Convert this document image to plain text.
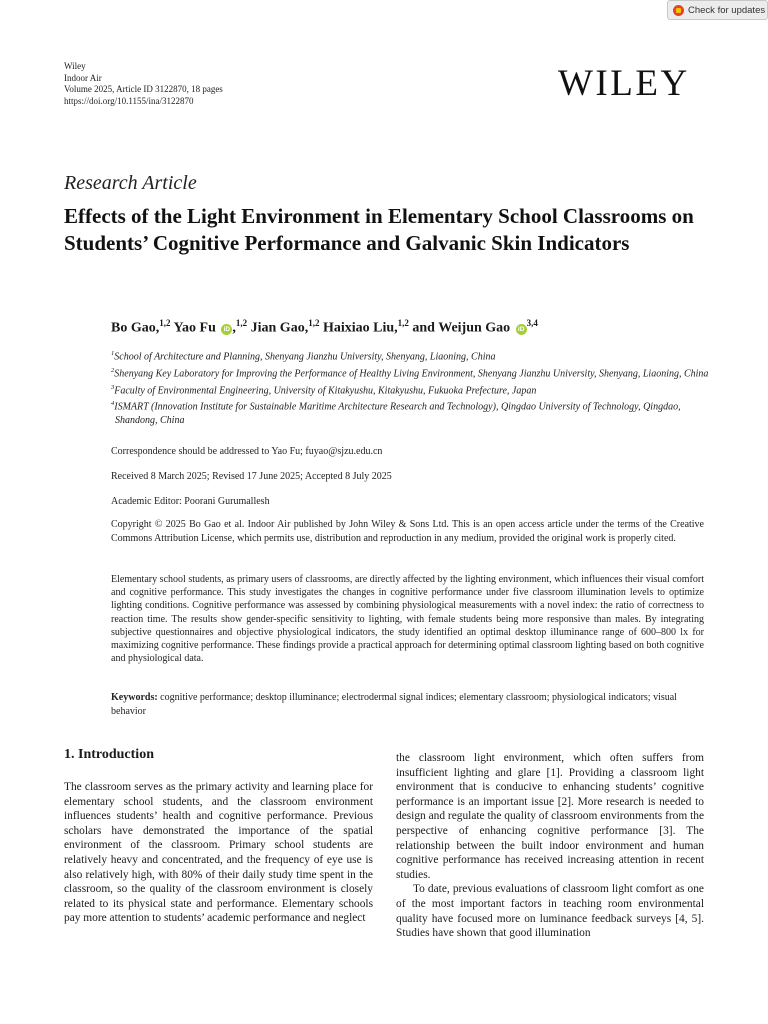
Check for updates
Wiley
Indoor Air
Volume 2025, Article ID 3122870, 18 pages
https://doi.org/10.1155/ina/3122870	WILEY
Research Article
Effects of the Light Environment in Elementary School Classrooms on Students’ Cognitive Performance and Galvanic Skin Indicators
Bo Gao,$^{1,2}$ Yao Fu iD ,$^{1,2}$ Jian Gao,$^{1,2}$ Haixiao Liu,$^{1,2}$ and Weijun Gao iD$^{3,4}$
$^1$School of Architecture and Planning, Shenyang Jianzhu University, Shenyang, Liaoning, China
$^2$Shenyang Key Laboratory for Improving the Performance of Healthy Living Environment, Shenyang Jianzhu University, Shenyang, Liaoning, China
$^3$Faculty of Environmental Engineering, University of Kitakyushu, Kitakyushu, Fukuoka Prefecture, Japan
$^4$ISMART (Innovation Institute for Sustainable Maritime Architecture Research and Technology), Qingdao University of Technology, Qingdao, Shandong, China
Correspondence should be addressed to Yao Fu; fuyao@sjzu.edu.cn
Received 8 March 2025; Revised 17 June 2025; Accepted 8 July 2025
Academic Editor: Poorani Gurumallesh
Copyright © 2025 Bo Gao et al. Indoor Air published by John Wiley & Sons Ltd. This is an open access article under the terms of the Creative Commons Attribution License, which permits use, distribution and reproduction in any medium, provided the original work is properly cited.
Elementary school students, as primary users of classrooms, are directly affected by the lighting environment, which influences their visual comfort and cognitive performance. This study investigates the changes in cognitive performance under five classroom illumination levels to optimize lighting conditions. Cognitive performance was assessed by combining physiological measurements with a novel index: the ratio of correctness to reaction time. The results show gender-specific sensitivity to lighting, with female students being more responsive than males. By integrating subjective questionnaires and objective physiological indicators, the study identified an optimal desktop illuminance range of 600–800 lx for maximizing cognitive performance. These findings provide a practical approach for determining optimal classroom lighting based on both cognitive and physiological data.
Keywords: cognitive performance; desktop illuminance; electrodermal signal indices; elementary classroom; physiological indicators; visual behavior
1. Introduction

The classroom serves as the primary activity and learning place for elementary school students, and the classroom environment influences students’ health and cognitive performance. Previous scholars have demonstrated the importance of the spatial environment of the classroom. Primary school students are relatively heavy and concentrated, and the frequency of eye use is also relatively high, with 80% of their daily study time spent in the classroom, so the quality of the classroom environment is closely related to its physical state and performance. Elementary schools pay more attention to students’ academic performance and neglect

the classroom light environment, which often suffers from insufficient lighting and glare [1]. Providing a classroom light environment that is conducive to enhancing students’ cognitive performance is an important issue [2]. More research is needed to design and regulate the quality of classroom environments from the perspective of enhancing cognitive performance [3]. The relationship between the built indoor environment and human cognitive performance has received increasing attention in recent studies.

To date, previous evaluations of classroom light comfort as one of the most important factors in teaching room environmental quality have focused more on luminance feedback surveys [4, 5]. Studies have shown that good illumination
